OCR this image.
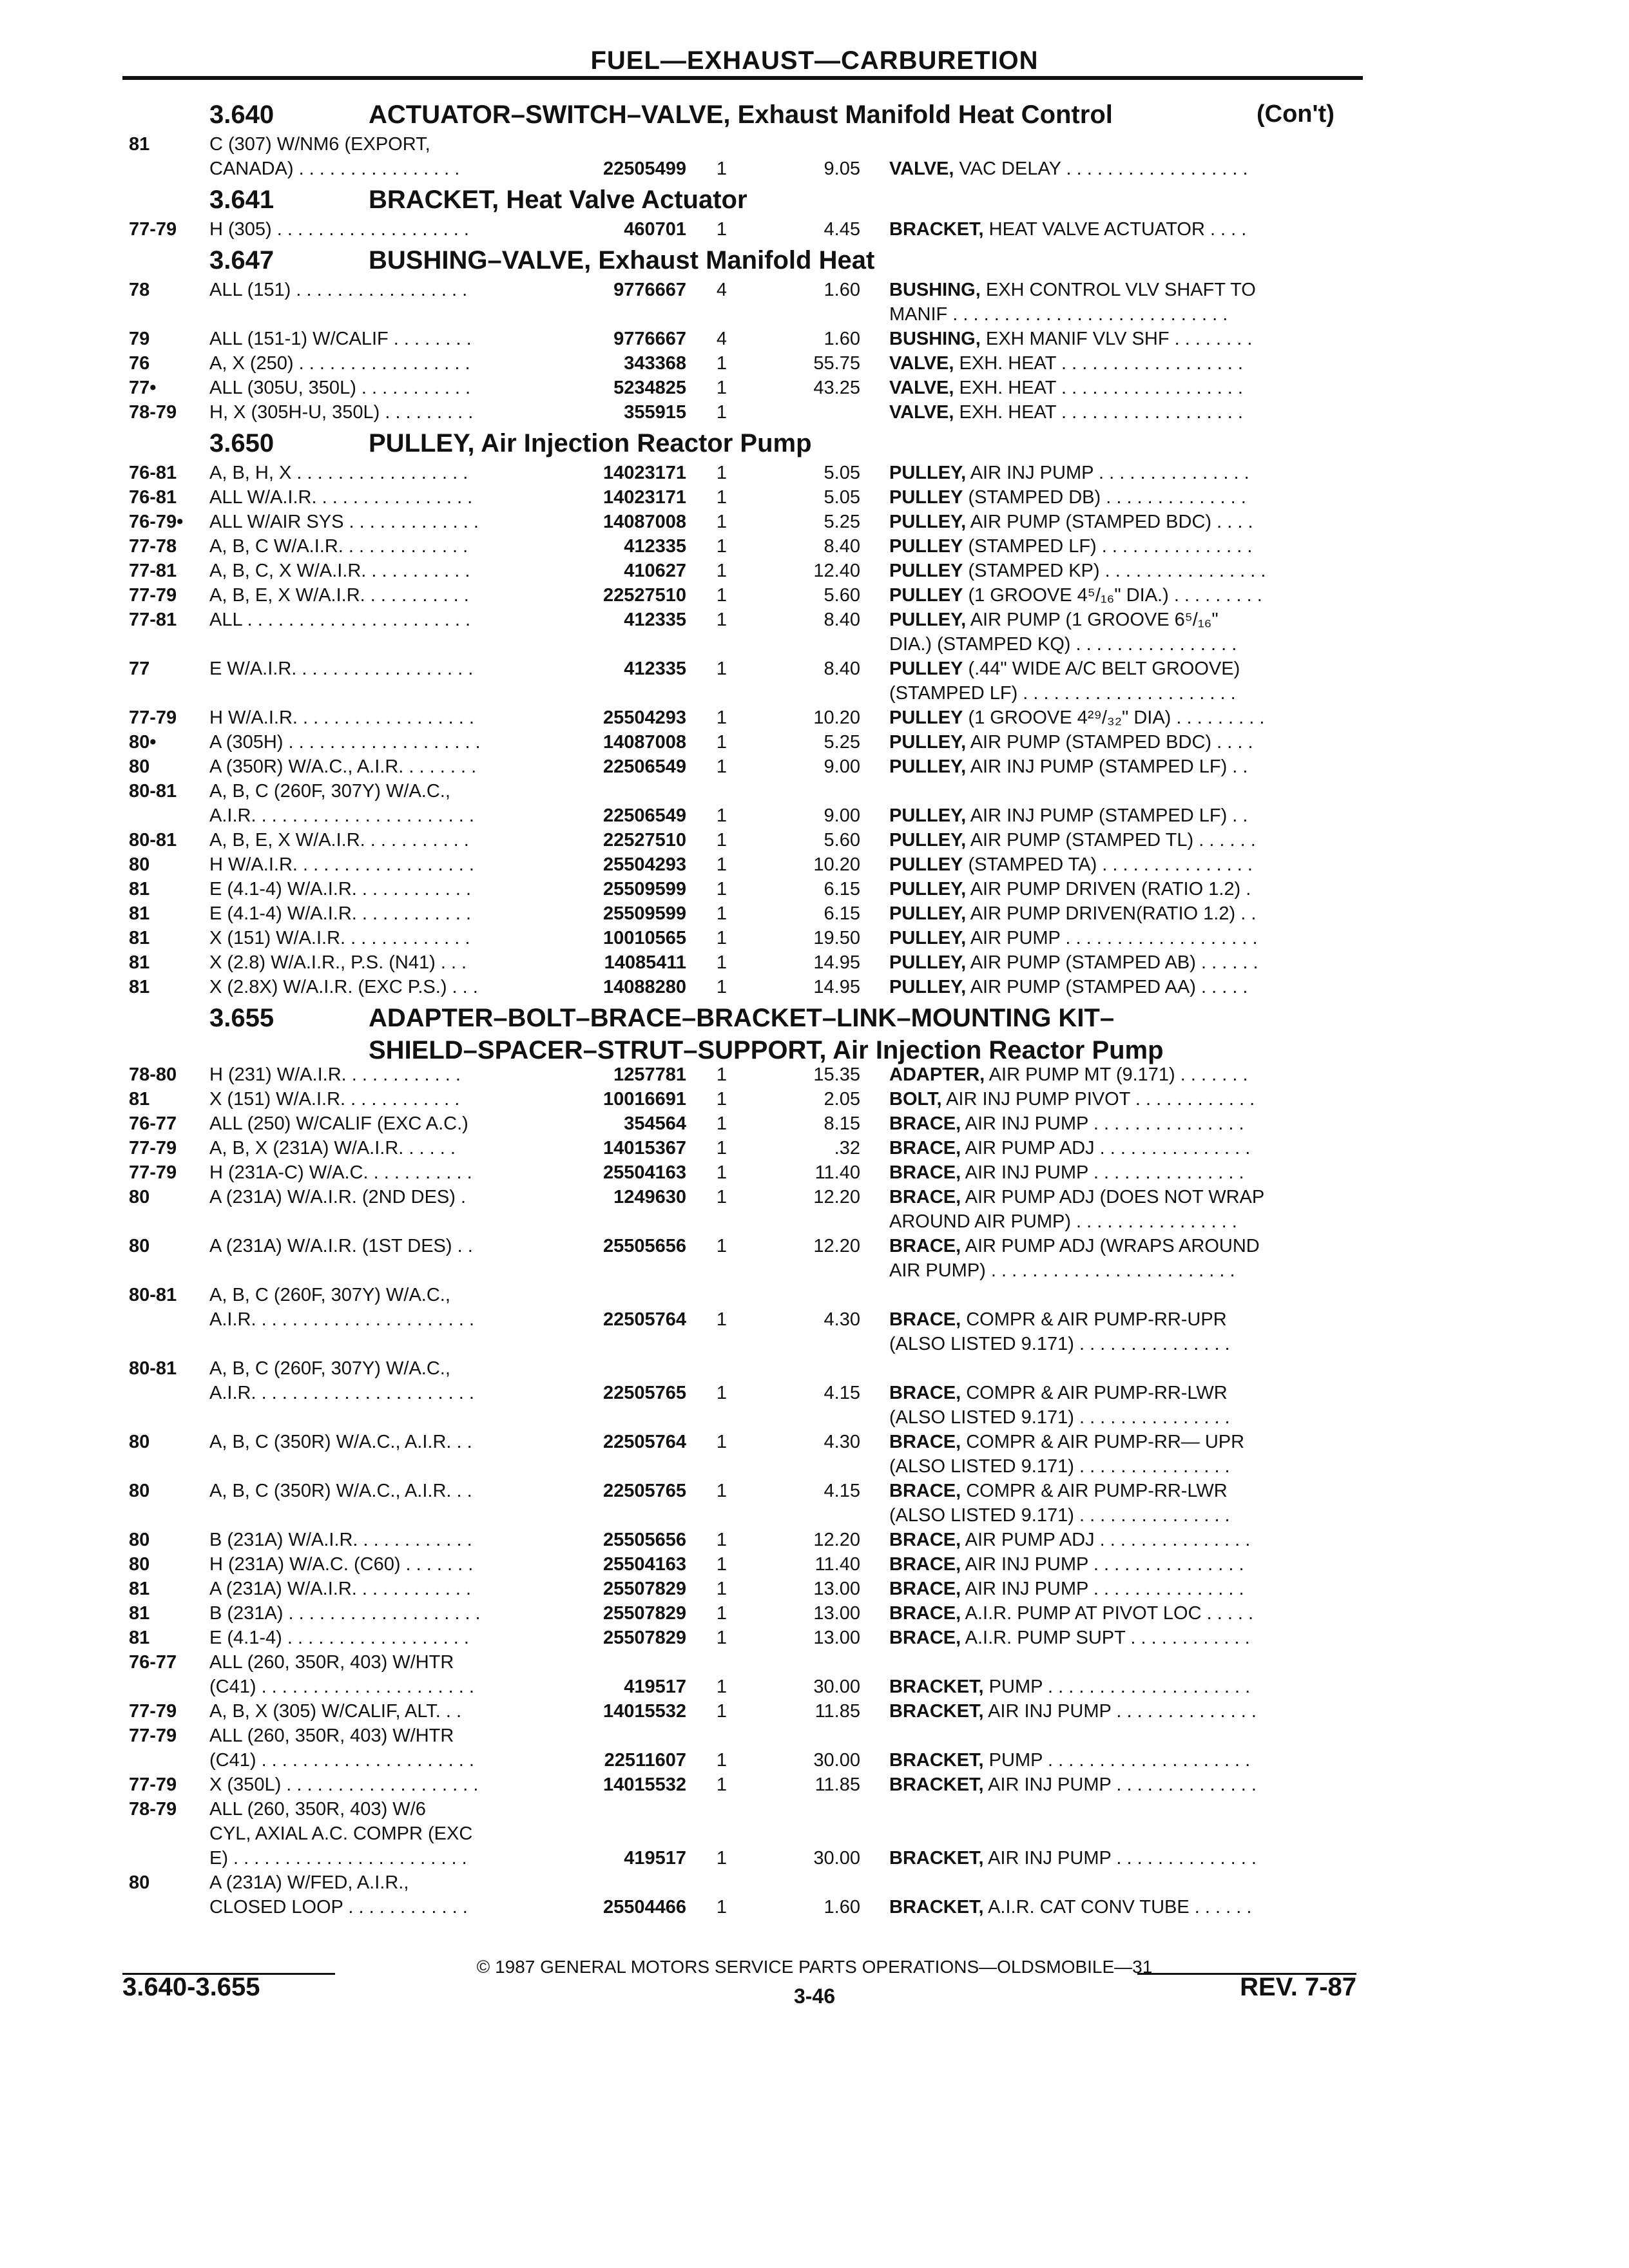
FUEL—EXHAUST—CARBURETION
3.640	ACTUATOR–SWITCH–VALVE, Exhaust Manifold Heat Control	(Con't)
81	C (307) W/NM6 (EXPORT,
CANADA) . . . . . . . . . . . . . . . .	22505499 1	9.05 VALVE, VAC DELAY . . . . . . . . . . . . . . . . . .
3.641	BRACKET, Heat Valve Actuator
77-79	H (305) . . . . . . . . . . . . . . . . . . .	460701 1	4.45 BRACKET, HEAT VALVE ACTUATOR . . . .
3.647	BUSHING–VALVE, Exhaust Manifold Heat
78	ALL (151) . . . . . . . . . . . . . . . . .	9776667 4	1.60 BUSHING, EXH CONTROL VLV SHAFT TO
MANIF . . . . . . . . . . . . . . . . . . . . . . . . . . .
79	ALL (151-1) W/CALIF . . . . . . . .	9776667 4	1.60 BUSHING, EXH MANIF VLV SHF . . . . . . . .
76	A, X (250) . . . . . . . . . . . . . . . . .	343368 1	55.75 VALVE, EXH. HEAT . . . . . . . . . . . . . . . . . .
77•	ALL (305U, 350L) . . . . . . . . . . .	5234825 1	43.25 VALVE, EXH. HEAT . . . . . . . . . . . . . . . . . .
78-79	H, X (305H-U, 350L) . . . . . . . . .	355915 1	VALVE, EXH. HEAT . . . . . . . . . . . . . . . . . .
3.650	PULLEY, Air Injection Reactor Pump
76-81	A, B, H, X . . . . . . . . . . . . . . . . .	14023171 1	5.05 PULLEY, AIR INJ PUMP . . . . . . . . . . . . . . .
76-81	ALL W/A.I.R. . . . . . . . . . . . . . . .	14023171 1	5.05 PULLEY (STAMPED DB) . . . . . . . . . . . . . .
76-79•	ALL W/AIR SYS . . . . . . . . . . . . .	14087008 1	5.25 PULLEY, AIR PUMP (STAMPED BDC) . . . .
77-78	A, B, C W/A.I.R. . . . . . . . . . . . .	412335 1	8.40 PULLEY (STAMPED LF) . . . . . . . . . . . . . . .
77-81	A, B, C, X W/A.I.R. . . . . . . . . . .	410627 1	12.40 PULLEY (STAMPED KP) . . . . . . . . . . . . . . . .
77-79	A, B, E, X W/A.I.R. . . . . . . . . . .	22527510 1	5.60 PULLEY (1 GROOVE 4⁵/₁₆" DIA.) . . . . . . . . .
77-81	ALL . . . . . . . . . . . . . . . . . . . . . .	412335 1	8.40 PULLEY, AIR PUMP (1 GROOVE 6⁵/₁₆"
DIA.) (STAMPED KQ) . . . . . . . . . . . . . . . .
77	E W/A.I.R. . . . . . . . . . . . . . . . . .	412335 1	8.40 PULLEY (.44" WIDE A/C BELT GROOVE)
(STAMPED LF) . . . . . . . . . . . . . . . . . . . . .
77-79	H W/A.I.R. . . . . . . . . . . . . . . . . .	25504293 1	10.20 PULLEY (1 GROOVE 4²⁹/₃₂" DIA) . . . . . . . . .
80•	A (305H) . . . . . . . . . . . . . . . . . . .	14087008 1	5.25 PULLEY, AIR PUMP (STAMPED BDC) . . . .
80	A (350R) W/A.C., A.I.R. . . . . . . .	22506549 1	9.00 PULLEY, AIR INJ PUMP (STAMPED LF) . .
80-81	A, B, C (260F, 307Y) W/A.C.,
A.I.R. . . . . . . . . . . . . . . . . . . . . .	22506549 1	9.00 PULLEY, AIR INJ PUMP (STAMPED LF) . .
80-81	A, B, E, X W/A.I.R. . . . . . . . . . .	22527510 1	5.60 PULLEY, AIR PUMP (STAMPED TL) . . . . . .
80	H W/A.I.R. . . . . . . . . . . . . . . . . .	25504293 1	10.20 PULLEY (STAMPED TA) . . . . . . . . . . . . . . .
81	E (4.1-4) W/A.I.R. . . . . . . . . . . .	25509599 1	6.15 PULLEY, AIR PUMP DRIVEN (RATIO 1.2) .
81	E (4.1-4) W/A.I.R. . . . . . . . . . . .	25509599 1	6.15 PULLEY, AIR PUMP DRIVEN(RATIO 1.2) . .
81	X (151) W/A.I.R. . . . . . . . . . . . .	10010565 1	19.50 PULLEY, AIR PUMP . . . . . . . . . . . . . . . . . . .
81	X (2.8) W/A.I.R., P.S. (N41) . . .	14085411 1	14.95 PULLEY, AIR PUMP (STAMPED AB) . . . . . .
81	X (2.8X) W/A.I.R. (EXC P.S.) . . .	14088280 1	14.95 PULLEY, AIR PUMP (STAMPED AA) . . . . .
3.655	ADAPTER–BOLT–BRACE–BRACKET–LINK–MOUNTING KIT–
SHIELD–SPACER–STRUT–SUPPORT, Air Injection Reactor Pump
78-80	H (231) W/A.I.R. . . . . . . . . . . .	1257781 1	15.35 ADAPTER, AIR PUMP MT (9.171) . . . . . . .
81	X (151) W/A.I.R. . . . . . . . . . . .	10016691 1	2.05 BOLT, AIR INJ PUMP PIVOT . . . . . . . . . . . .
76-77	ALL (250) W/CALIF (EXC A.C.)	354564 1	8.15 BRACE, AIR INJ PUMP . . . . . . . . . . . . . . .
77-79	A, B, X (231A) W/A.I.R. . . . . .	14015367 1	.32 BRACE, AIR PUMP ADJ . . . . . . . . . . . . . . .
77-79	H (231A-C) W/A.C. . . . . . . . . . .	25504163 1	11.40 BRACE, AIR INJ PUMP . . . . . . . . . . . . . . .
80	A (231A) W/A.I.R. (2ND DES) .	1249630 1	12.20 BRACE, AIR PUMP ADJ (DOES NOT WRAP
AROUND AIR PUMP) . . . . . . . . . . . . . . . .
80	A (231A) W/A.I.R. (1ST DES) . .	25505656 1	12.20 BRACE, AIR PUMP ADJ (WRAPS AROUND
AIR PUMP) . . . . . . . . . . . . . . . . . . . . . . . .
80-81	A, B, C (260F, 307Y) W/A.C.,
A.I.R. . . . . . . . . . . . . . . . . . . . . .	22505764 1	4.30 BRACE, COMPR & AIR PUMP-RR-UPR
(ALSO LISTED 9.171) . . . . . . . . . . . . . . .
80-81	A, B, C (260F, 307Y) W/A.C.,
A.I.R. . . . . . . . . . . . . . . . . . . . . .	22505765 1	4.15 BRACE, COMPR & AIR PUMP-RR-LWR
(ALSO LISTED 9.171) . . . . . . . . . . . . . . .
80	A, B, C (350R) W/A.C., A.I.R. . .	22505764 1	4.30 BRACE, COMPR & AIR PUMP-RR— UPR
(ALSO LISTED 9.171) . . . . . . . . . . . . . . .
80	A, B, C (350R) W/A.C., A.I.R. . .	22505765 1	4.15 BRACE, COMPR & AIR PUMP-RR-LWR
(ALSO LISTED 9.171) . . . . . . . . . . . . . . .
80	B (231A) W/A.I.R. . . . . . . . . . . .	25505656 1	12.20 BRACE, AIR PUMP ADJ . . . . . . . . . . . . . . .
80	H (231A) W/A.C. (C60) . . . . . . .	25504163 1	11.40 BRACE, AIR INJ PUMP . . . . . . . . . . . . . . .
81	A (231A) W/A.I.R. . . . . . . . . . . .	25507829 1	13.00 BRACE, AIR INJ PUMP . . . . . . . . . . . . . . .
81	B (231A) . . . . . . . . . . . . . . . . . . .	25507829 1	13.00 BRACE, A.I.R. PUMP AT PIVOT LOC . . . . .
81	E (4.1-4) . . . . . . . . . . . . . . . . . .	25507829 1	13.00 BRACE, A.I.R. PUMP SUPT . . . . . . . . . . . .
76-77	ALL (260, 350R, 403) W/HTR
(C41) . . . . . . . . . . . . . . . . . . . . .	419517 1	30.00 BRACKET, PUMP . . . . . . . . . . . . . . . . . . . .
77-79	A, B, X (305) W/CALIF, ALT. . .	14015532 1	11.85 BRACKET, AIR INJ PUMP . . . . . . . . . . . . . .
77-79	ALL (260, 350R, 403) W/HTR
(C41) . . . . . . . . . . . . . . . . . . . . .	22511607 1	30.00 BRACKET, PUMP . . . . . . . . . . . . . . . . . . . .
77-79	X (350L) . . . . . . . . . . . . . . . . . . .	14015532 1	11.85 BRACKET, AIR INJ PUMP . . . . . . . . . . . . . .
78-79	ALL (260, 350R, 403) W/6
CYL, AXIAL A.C. COMPR (EXC
E) . . . . . . . . . . . . . . . . . . . . . . .	419517 1	30.00 BRACKET, AIR INJ PUMP . . . . . . . . . . . . . .
80	A (231A) W/FED, A.I.R.,
CLOSED LOOP . . . . . . . . . . . .	25504466 1	1.60 BRACKET, A.I.R. CAT CONV TUBE . . . . . .
© 1987 GENERAL MOTORS SERVICE PARTS OPERATIONS—OLDSMOBILE—31
3.640-3.655	3-46	REV. 7-87
